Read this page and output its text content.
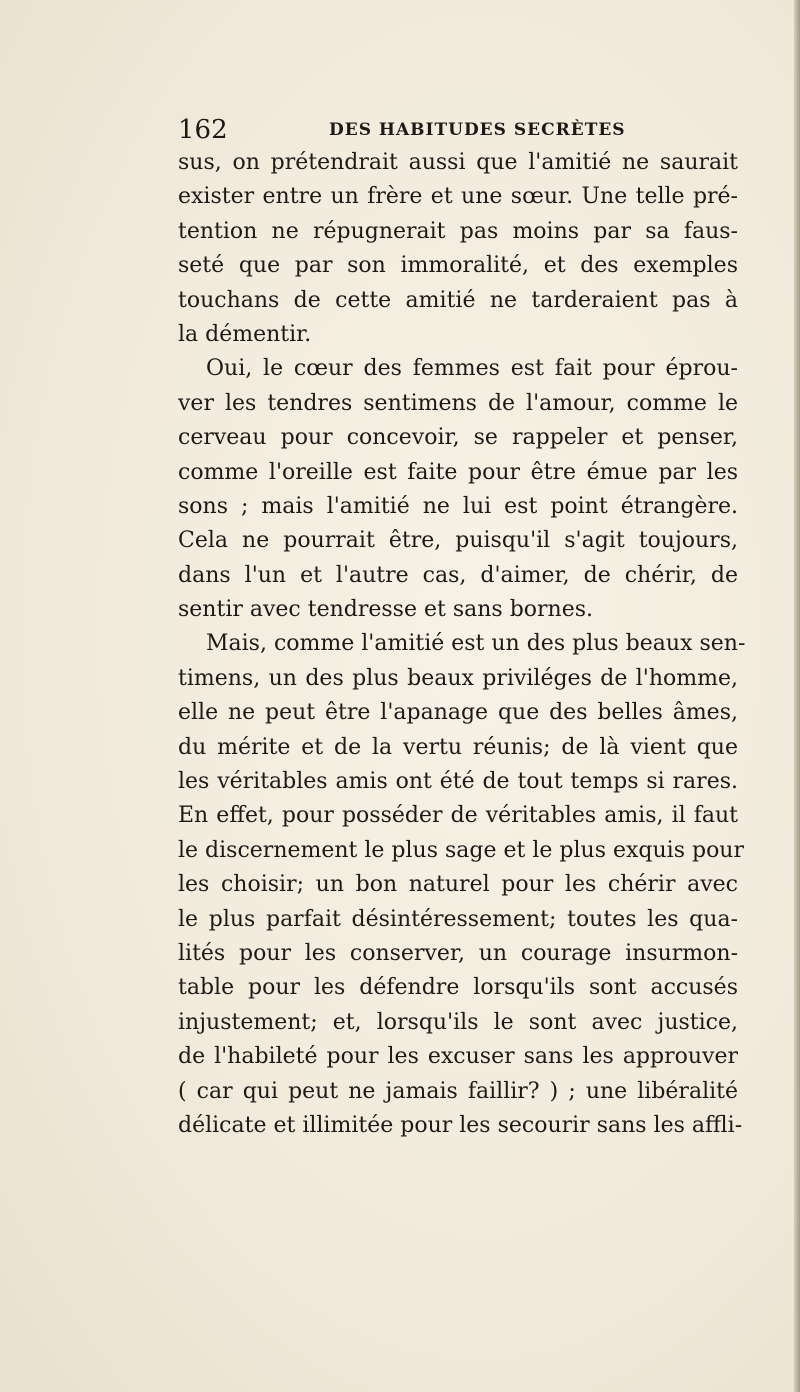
162	DES HABITUDES SECRÈTES
sus, on prétendrait aussi que l'amitié ne saurait
exister entre un frère et une sœur. Une telle pré-
tention ne répugnerait pas moins par sa faus-
seté que par son immoralité, et des exemples
touchans de cette amitié ne tarderaient pas à
la démentir.
Oui, le cœur des femmes est fait pour éprou-
ver les tendres sentimens de l'amour, comme le
cerveau pour concevoir, se rappeler et penser,
comme l'oreille est faite pour être émue par les
sons ; mais l'amitié ne lui est point étrangère.
Cela ne pourrait être, puisqu'il s'agit toujours,
dans l'un et l'autre cas, d'aimer, de chérir, de
sentir avec tendresse et sans bornes.
Mais, comme l'amitié est un des plus beaux sen-
timens, un des plus beaux priviléges de l'homme,
elle ne peut être l'apanage que des belles âmes,
du mérite et de la vertu réunis; de là vient que
les véritables amis ont été de tout temps si rares.
En effet, pour posséder de véritables amis, il faut
le discernement le plus sage et le plus exquis pour
les choisir; un bon naturel pour les chérir avec
le plus parfait désintéressement; toutes les qua-
lités pour les conserver, un courage insurmon-
table pour les défendre lorsqu'ils sont accusés
injustement; et, lorsqu'ils le sont avec justice,
de l'habileté pour les excuser sans les approuver
( car qui peut ne jamais faillir? ) ; une libéralité
délicate et illimitée pour les secourir sans les affli-
